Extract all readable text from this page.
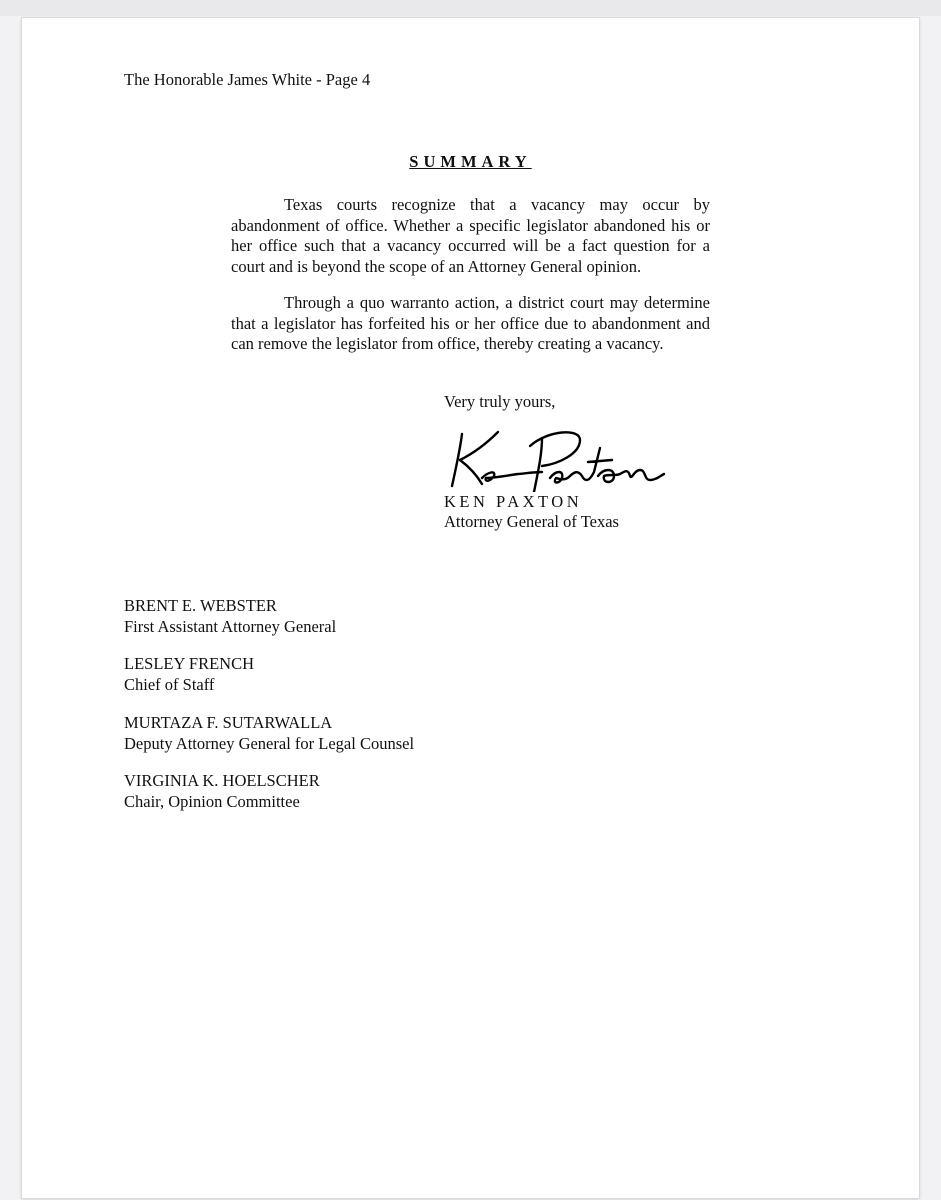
The Honorable James White - Page 4
SUMMARY

Texas courts recognize that a vacancy may occur by abandonment of office. Whether a specific legislator abandoned his or her office such that a vacancy occurred will be a fact question for a court and is beyond the scope of an Attorney General opinion.

Through a quo warranto action, a district court may determine that a legislator has forfeited his or her office due to abandonment and can remove the legislator from office, thereby creating a vacancy.

Very truly yours,
KEN PAXTON
Attorney General of Texas
BRENT E. WEBSTER
First Assistant Attorney General
LESLEY FRENCH
Chief of Staff
MURTAZA F. SUTARWALLA
Deputy Attorney General for Legal Counsel
VIRGINIA K. HOELSCHER
Chair, Opinion Committee
